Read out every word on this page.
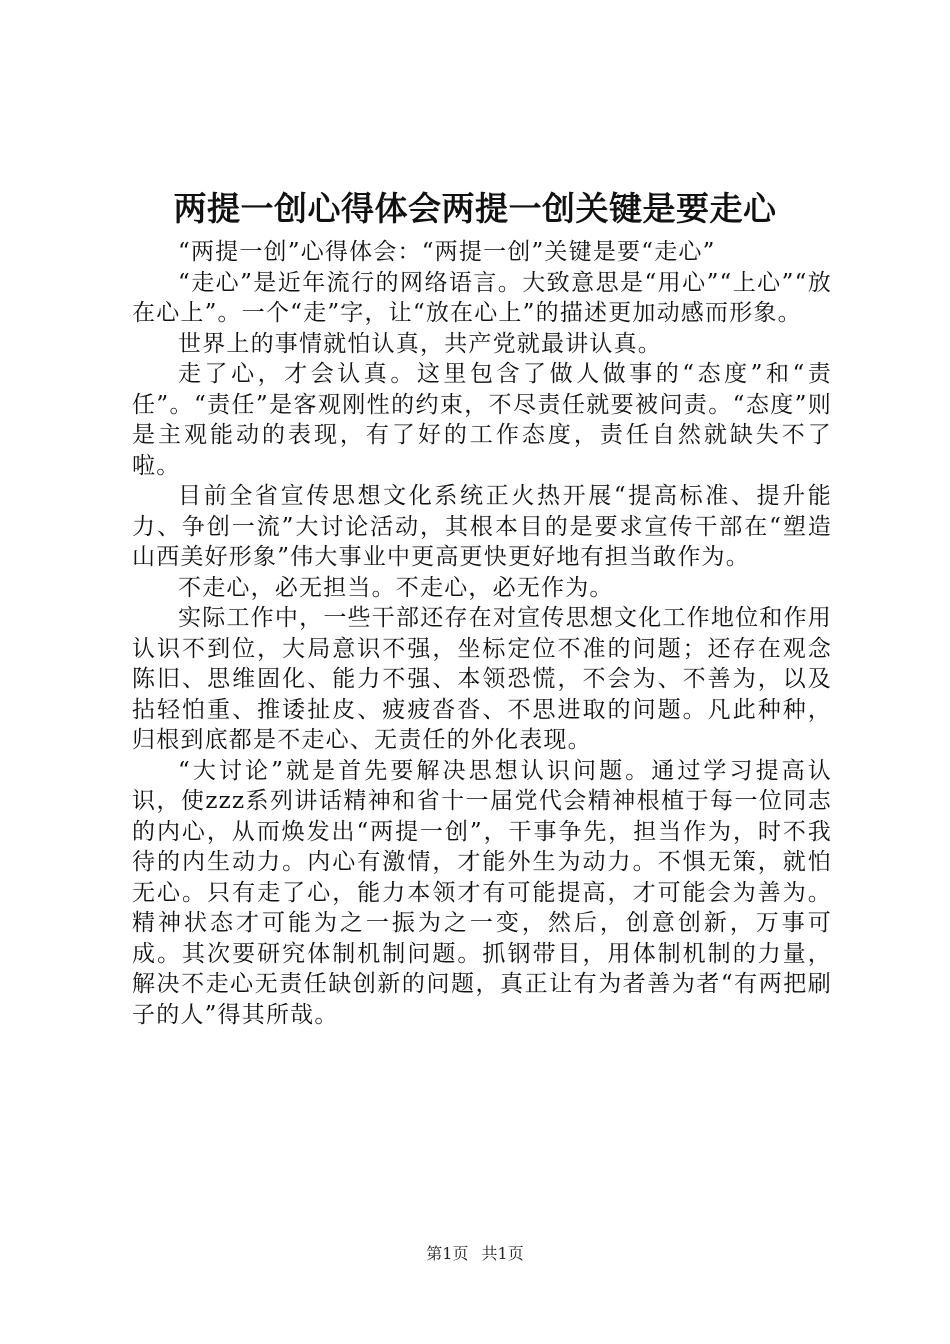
两提一创心得体会两提一创关键是要走心

“两提一创”心得体会：“两提一创”关键是要“走心”

“走心”是近年流行的网络语言。大致意思是“用心”“上心”“放在心上”。一个“走”字，让“放在心上”的描述更加动感而形象。

世界上的事情就怕认真，共产党就最讲认真。

走了心，才会认真。这里包含了做人做事的“态度”和“责任”。“责任”是客观刚性的约束，不尽责任就要被问责。“态度”则是主观能动的表现，有了好的工作态度，责任自然就缺失不了啦。

目前全省宣传思想文化系统正火热开展“提高标准、提升能力、争创一流”大讨论活动，其根本目的是要求宣传干部在“塑造山西美好形象”伟大事业中更高更快更好地有担当敢作为。

不走心，必无担当。不走心，必无作为。

实际工作中，一些干部还存在对宣传思想文化工作地位和作用认识不到位，大局意识不强，坐标定位不准的问题；还存在观念陈旧、思维固化、能力不强、本领恐慌，不会为、不善为，以及拈轻怕重、推诿扯皮、疲疲沓沓、不思进取的问题。凡此种种，归根到底都是不走心、无责任的外化表现。

“大讨论”就是首先要解决思想认识问题。通过学习提高认识，使zzz系列讲话精神和省十一届党代会精神根植于每一位同志的内心，从而焕发出“两提一创”，干事争先，担当作为，时不我待的内生动力。内心有激情，才能外生为动力。不惧无策，就怕无心。只有走了心，能力本领才有可能提高，才可能会为善为。精神状态才可能为之一振为之一变，然后，创意创新，万事可成。其次要研究体制机制问题。抓钢带目，用体制机制的力量，解决不走心无责任缺创新的问题，真正让有为者善为者“有两把刷子的人”得其所哉。

第1页 共1页
